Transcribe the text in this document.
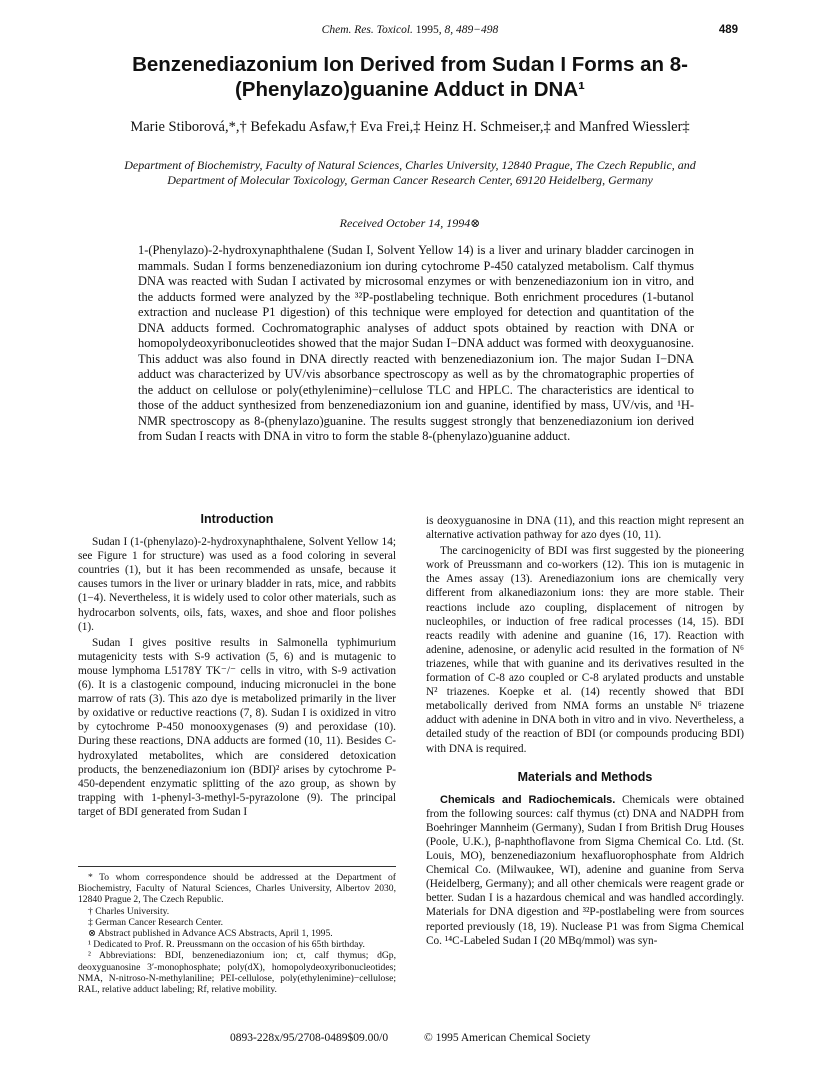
Chem. Res. Toxicol. 1995, 8, 489−498	489
Benzenediazonium Ion Derived from Sudan I Forms an 8-(Phenylazo)guanine Adduct in DNA¹
Marie Stiborová,*,† Befekadu Asfaw,† Eva Frei,‡ Heinz H. Schmeiser,‡ and Manfred Wiessler‡
Department of Biochemistry, Faculty of Natural Sciences, Charles University, 12840 Prague, The Czech Republic, and Department of Molecular Toxicology, German Cancer Research Center, 69120 Heidelberg, Germany
Received October 14, 1994⊗
1-(Phenylazo)-2-hydroxynaphthalene (Sudan I, Solvent Yellow 14) is a liver and urinary bladder carcinogen in mammals. Sudan I forms benzenediazonium ion during cytochrome P-450 catalyzed metabolism. Calf thymus DNA was reacted with Sudan I activated by microsomal enzymes or with benzenediazonium ion in vitro, and the adducts formed were analyzed by the ³²P-postlabeling technique. Both enrichment procedures (1-butanol extraction and nuclease P1 digestion) of this technique were employed for detection and quantitation of the DNA adducts formed. Cochromatographic analyses of adduct spots obtained by reaction with DNA or homopolydeoxyribonucleotides showed that the major Sudan I−DNA adduct was formed with deoxyguanosine. This adduct was also found in DNA directly reacted with benzenediazonium ion. The major Sudan I−DNA adduct was characterized by UV/vis absorbance spectroscopy as well as by the chromatographic properties of the adduct on cellulose or poly(ethylenimine)−cellulose TLC and HPLC. The characteristics are identical to those of the adduct synthesized from benzenediazonium ion and guanine, identified by mass, UV/vis, and ¹H-NMR spectroscopy as 8-(phenylazo)guanine. The results suggest strongly that benzenediazonium ion derived from Sudan I reacts with DNA in vitro to form the stable 8-(phenylazo)guanine adduct.
Introduction

Sudan I (1-(phenylazo)-2-hydroxynaphthalene, Solvent Yellow 14; see Figure 1 for structure) was used as a food coloring in several countries (1), but it has been recommended as unsafe, because it causes tumors in the liver or urinary bladder in rats, mice, and rabbits (1−4). Nevertheless, it is widely used to color other materials, such as hydrocarbon solvents, oils, fats, waxes, and shoe and floor polishes (1).

Sudan I gives positive results in Salmonella typhimurium mutagenicity tests with S-9 activation (5, 6) and is mutagenic to mouse lymphoma L5178Y TK⁻/⁻ cells in vitro, with S-9 activation (6). It is a clastogenic compound, inducing micronuclei in the bone marrow of rats (3). This azo dye is metabolized primarily in the liver by oxidative or reductive reactions (7, 8). Sudan I is oxidized in vitro by cytochrome P-450 monooxygenases (9) and peroxidase (10). During these reactions, DNA adducts are formed (10, 11). Besides C-hydroxylated metabolites, which are considered detoxication products, the benzenediazonium ion (BDI)² arises by cytochrome P-450-dependent enzymatic splitting of the azo group, as shown by trapping with 1-phenyl-3-methyl-5-pyrazolone (9). The principal target of BDI generated from Sudan I

is deoxyguanosine in DNA (11), and this reaction might represent an alternative activation pathway for azo dyes (10, 11).

The carcinogenicity of BDI was first suggested by the pioneering work of Preussmann and co-workers (12). This ion is mutagenic in the Ames assay (13). Arenediazonium ions are chemically very different from alkanediazonium ions: they are more stable. Their reactions include azo coupling, displacement of nitrogen by nucleophiles, or induction of free radical processes (14, 15). BDI reacts readily with adenine and guanine (16, 17). Reaction with adenine, adenosine, or adenylic acid resulted in the formation of N⁶ triazenes, while that with guanine and its derivatives resulted in the formation of C-8 azo coupled or C-8 arylated products and unstable N² triazenes. Koepke et al. (14) recently showed that BDI metabolically derived from NMA forms an unstable N⁶ triazene adduct with adenine in DNA both in vitro and in vivo. Nevertheless, a detailed study of the reaction of BDI (or compounds producing BDI) with DNA is required.

Materials and Methods

Chemicals and Radiochemicals. Chemicals were obtained from the following sources: calf thymus (ct) DNA and NADPH from Boehringer Mannheim (Germany), Sudan I from British Drug Houses (Poole, U.K.), β-naphthoflavone from Sigma Chemical Co. Ltd. (St. Louis, MO), benzenediazonium hexafluorophosphate from Aldrich Chemical Co. (Milwaukee, WI), adenine and guanine from Serva (Heidelberg, Germany); and all other chemicals were reagent grade or better. Sudan I is a hazardous chemical and was handled accordingly. Materials for DNA digestion and ³²P-postlabeling were from sources reported previously (18, 19). Nuclease P1 was from Sigma Chemical Co. ¹⁴C-Labeled Sudan I (20 MBq/mmol) was syn-

* To whom correspondence should be addressed at the Department of Biochemistry, Faculty of Natural Sciences, Charles University, Albertov 2030, 12840 Prague 2, The Czech Republic.

† Charles University.

‡ German Cancer Research Center.

⊗ Abstract published in Advance ACS Abstracts, April 1, 1995.

¹ Dedicated to Prof. R. Preussmann on the occasion of his 65th birthday.

² Abbreviations: BDI, benzenediazonium ion; ct, calf thymus; dGp, deoxyguanosine 3′-monophosphate; poly(dX), homopolydeoxyribonucleotides; NMA, N-nitroso-N-methylaniline; PEI-cellulose, poly(ethylenimine)−cellulose; RAL, relative adduct labeling; Rf, relative mobility.

0893-228x/95/2708-0489$09.00/0	© 1995 American Chemical Society
